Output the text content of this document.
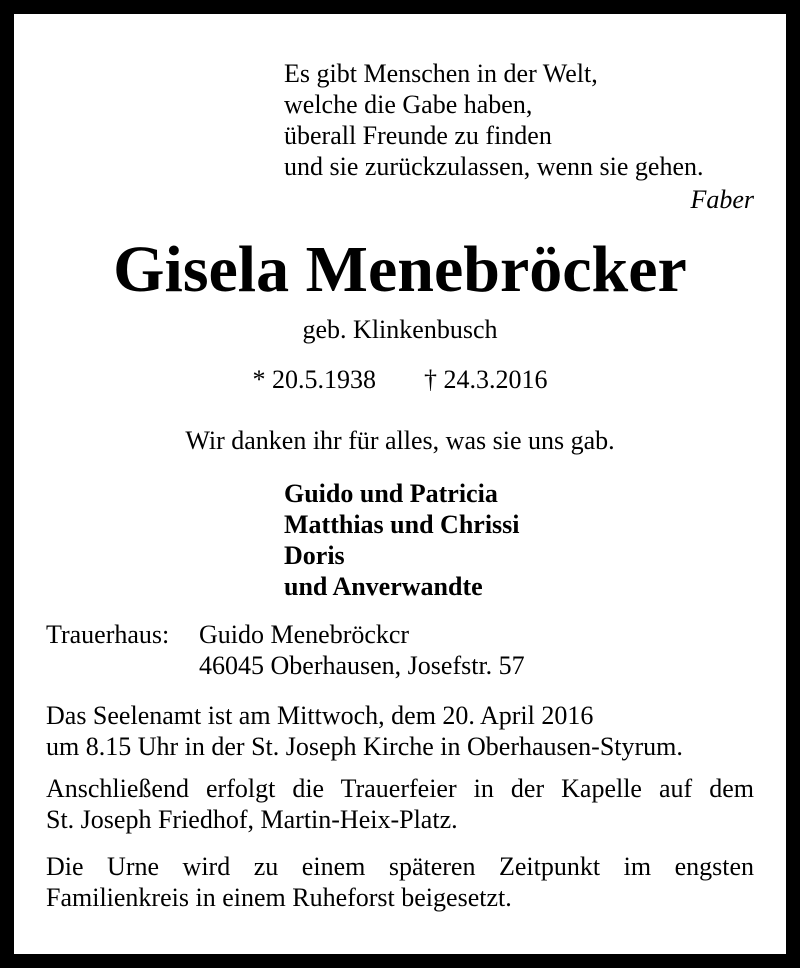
Es gibt Menschen in der Welt,
welche die Gabe haben,
überall Freunde zu finden
und sie zurückzulassen, wenn sie gehen.
Faber
Gisela Menebröcker
geb. Klinkenbusch
* 20.5.1938 † 24.3.2016
Wir danken ihr für alles, was sie uns gab.
Guido und Patricia
Matthias und Chrissi
Doris
und Anverwandte
Trauerhaus: Guido Menebröckcr
46045 Oberhausen, Josefstr. 57
Das Seelenamt ist am Mittwoch, dem 20. April 2016
um 8.15 Uhr in der St. Joseph Kirche in Oberhausen-Styrum.
Anschließend erfolgt die Trauerfeier in der Kapelle auf dem
St. Joseph Friedhof, Martin-Heix-Platz.
Die Urne wird zu einem späteren Zeitpunkt im engsten
Familienkreis in einem Ruheforst beigesetzt.
